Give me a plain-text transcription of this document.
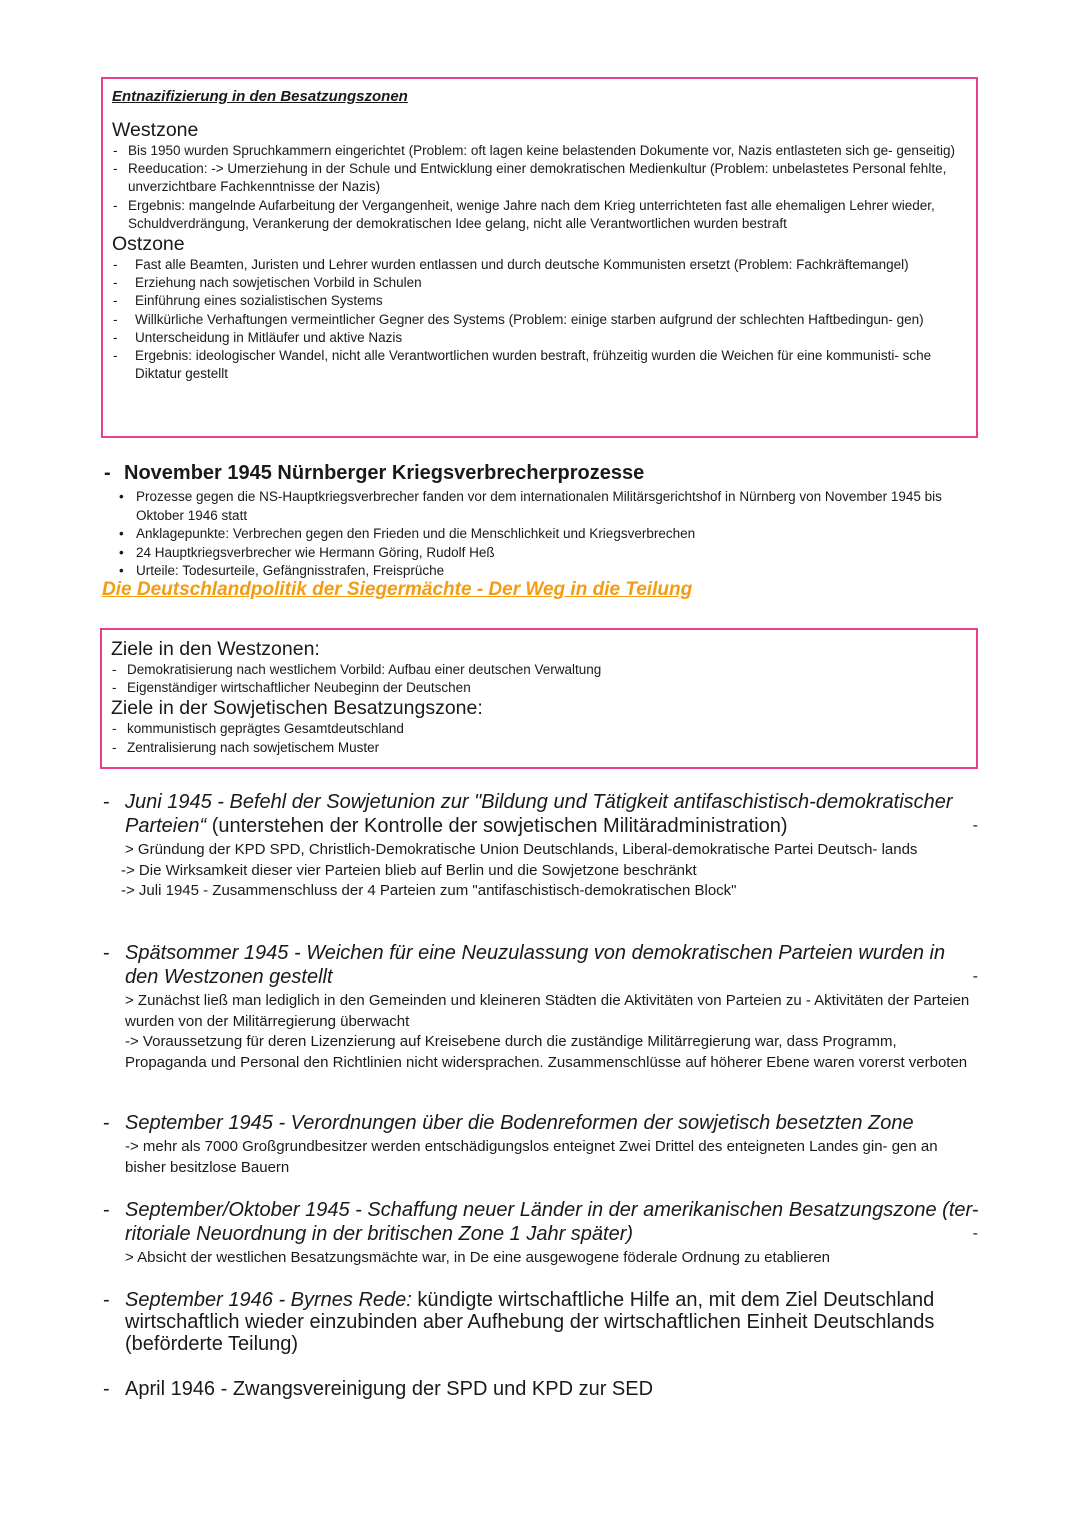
Entnazifizierung in den Besatzungszonen

Westzone

- Bis 1950 wurden Spruchkammern eingerichtet (Problem: oft lagen keine belastenden Dokumente vor, Nazis entlasteten sich ge- genseitig)
- Reeducation: -> Umerziehung in der Schule und Entwicklung einer demokratischen Medienkultur (Problem: unbelastetes Personal fehlte, unverzichtbare Fachkenntnisse der Nazis)
- Ergebnis: mangelnde Aufarbeitung der Vergangenheit, wenige Jahre nach dem Krieg unterrichteten fast alle ehemaligen Lehrer wieder, Schuldverdrängung, Verankerung der demokratischen Idee gelang, nicht alle Verantwortlichen wurden bestraft

Ostzone

- Fast alle Beamten, Juristen und Lehrer wurden entlassen und durch deutsche Kommunisten ersetzt (Problem: Fachkräftemangel)
- Erziehung nach sowjetischen Vorbild in Schulen
- Einführung eines sozialistischen Systems
- Willkürliche Verhaftungen vermeintlicher Gegner des Systems (Problem: einige starben aufgrund der schlechten Haftbedingun- gen)
- Unterscheidung in Mitläufer und aktive Nazis
- Ergebnis: ideologischer Wandel, nicht alle Verantwortlichen wurden bestraft, frühzeitig wurden die Weichen für eine kommunisti- sche Diktatur gestellt

- November 1945 Nürnberger Kriegsverbrecherprozesse

• Prozesse gegen die NS-Hauptkriegsverbrecher fanden vor dem internationalen Militärsgerichtshof in Nürnberg von November 1945 bis Oktober 1946 statt
• Anklagepunkte: Verbrechen gegen den Frieden und die Menschlichkeit und Kriegsverbrechen
• 24 Hauptkriegsverbrecher wie Hermann Göring, Rudolf Heß
• Urteile: Todesurteile, Gefängnisstrafen, Freisprüche

Die Deutschlandpolitik der Siegermächte - Der Weg in die Teilung

Ziele in den Westzonen:

- Demokratisierung nach westlichem Vorbild: Aufbau einer deutschen Verwaltung
- Eigenständiger wirtschaftlicher Neubeginn der Deutschen

Ziele in der Sowjetischen Besatzungszone:

- kommunistisch geprägtes Gesamtdeutschland
- Zentralisierung nach sowjetischem Muster

- Juni 1945 - Befehl der Sowjetunion zur "Bildung und Tätigkeit antifaschistisch-demokratischer Parteien“ (unterstehen der Kontrolle der sowjetischen Militäradministration)	-

> Gründung der KPD SPD, Christlich-Demokratische Union Deutschlands, Liberal-demokratische Partei Deutsch- lands

-> Die Wirksamkeit dieser vier Parteien blieb auf Berlin und die Sowjetzone beschränkt

-> Juli 1945 - Zusammenschluss der 4 Parteien zum "antifaschistisch-demokratischen Block"

- Spätsommer 1945 - Weichen für eine Neuzulassung von demokratischen Parteien wurden in den Westzonen gestellt	-

> Zunächst ließ man lediglich in den Gemeinden und kleineren Städten die Aktivitäten von Parteien zu - Aktivitäten der Parteien wurden von der Militärregierung überwacht

-> Voraussetzung für deren Lizenzierung auf Kreisebene durch die zuständige Militärregierung war, dass Programm, Propaganda und Personal den Richtlinien nicht widersprachen. Zusammenschlüsse auf höherer Ebene waren vorerst verboten

- September 1945 - Verordnungen über die Bodenreformen der sowjetisch besetzten Zone

-> mehr als 7000 Großgrundbesitzer werden entschädigungslos enteignet Zwei Drittel des enteigneten Landes gin- gen an bisher besitzlose Bauern

- September/Oktober 1945 - Schaffung neuer Länder in der amerikanischen Besatzungszone (ter- ritoriale Neuordnung in der britischen Zone 1 Jahr später)	-

> Absicht der westlichen Besatzungsmächte war, in De eine ausgewogene föderale Ordnung zu etablieren

- September 1946 - Byrnes Rede: kündigte wirtschaftliche Hilfe an, mit dem Ziel Deutschland wirtschaftlich wieder einzubinden aber Aufhebung der wirtschaftlichen Einheit Deutschlands (beförderte Teilung)

- April 1946 - Zwangsvereinigung der SPD und KPD zur SED
